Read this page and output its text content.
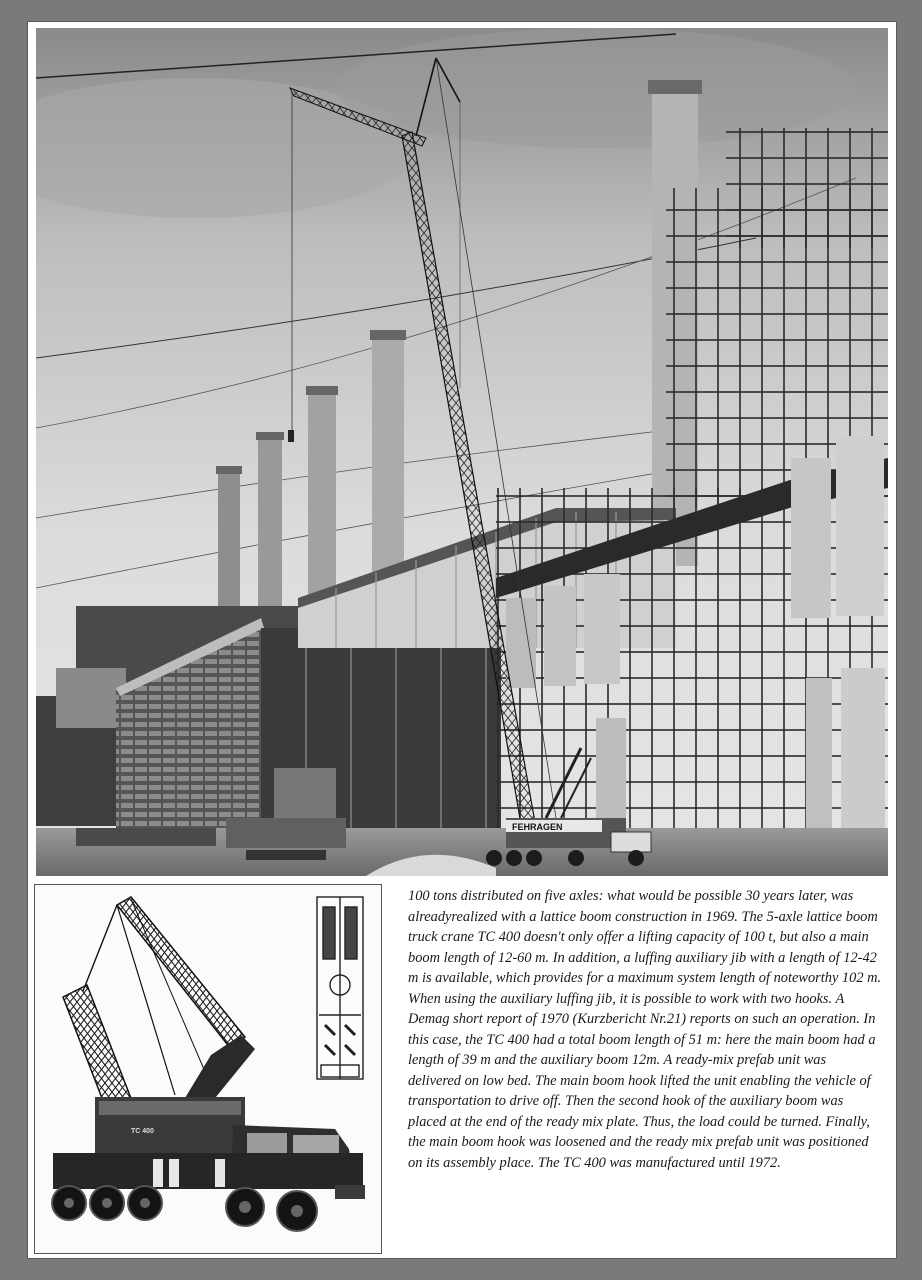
FEHRAGEN
TC 400

100 tons distributed on five axles: what would be possible 30 years later, was alreadyrealized with a lattice boom construction in 1969. The 5-axle lattice boom truck crane TC 400 doesn't only offer a lifting capacity of 100 t, but also a main boom length of 12-60 m. In addition, a luffing auxiliary jib with a length of 12-42 m is available, which provides for a maximum system length of noteworthy 102 m. When using the auxiliary luffing jib, it is possible to work with two hooks. A Demag short report of 1970 (Kurzbericht Nr.21) reports on such an operation. In this case, the TC 400 had a total boom length of 51 m: here the main boom had a length of 39 m and the auxiliary boom 12m. A ready-mix prefab unit was delivered on low bed. The main boom hook lifted the unit enabling the vehicle of transportation to drive off. Then the second hook of the auxiliary boom was placed at the end of the ready mix plate. Thus, the load could be turned. Finally, the main boom hook was loosened and the ready mix prefab unit was positioned on its assembly place. The TC 400 was manufactured until 1972.
